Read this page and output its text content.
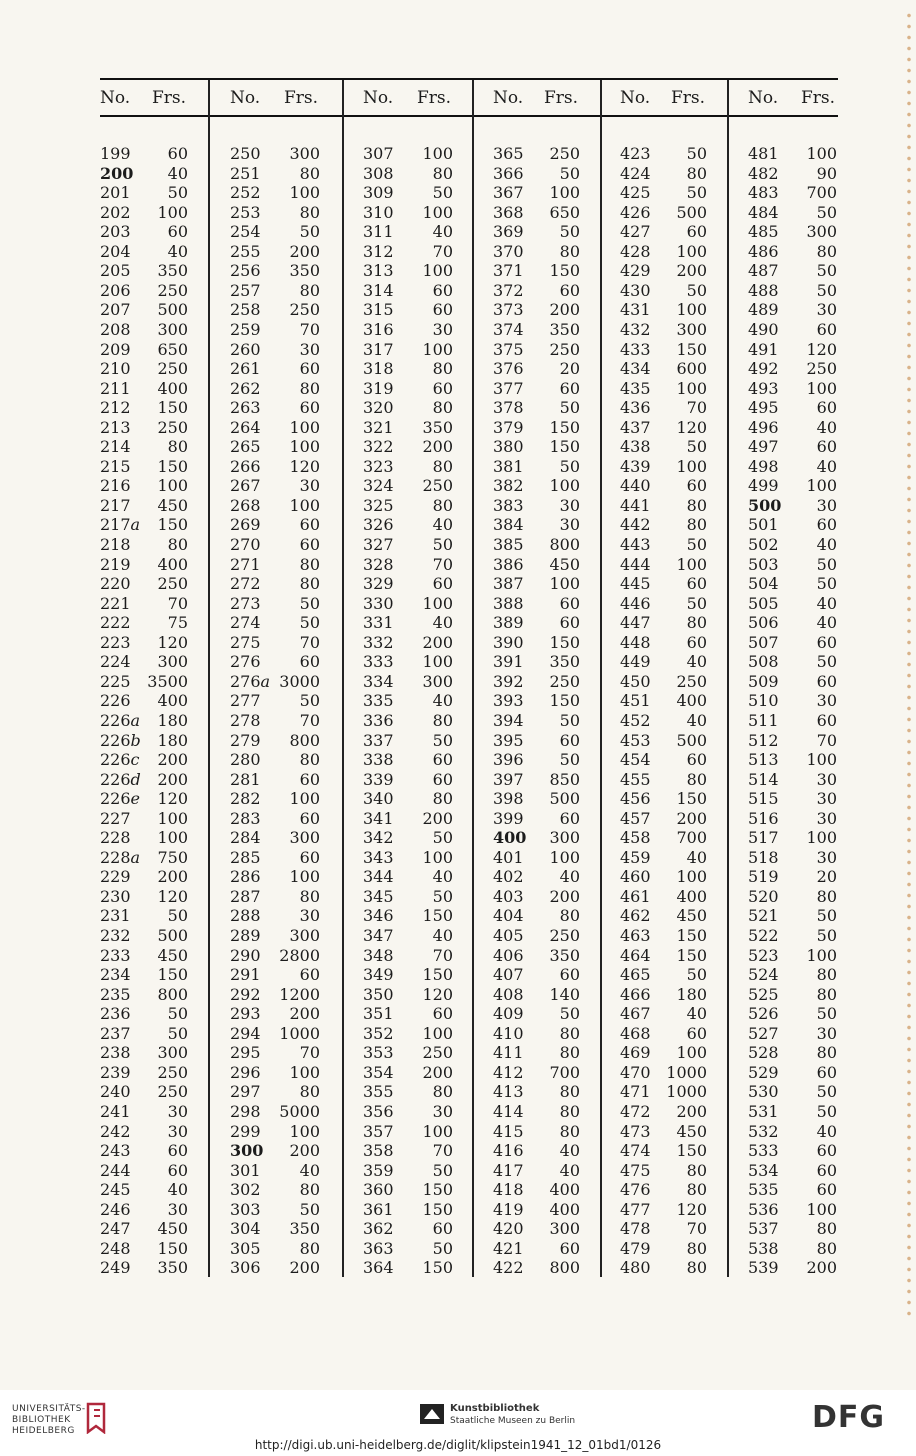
No. Frs.
199	60
200	40
201	50
202	100
203	60
204	40
205	350
206	250
207	500
208	300
209	650
210	250
211	400
212	150
213	250
214	80
215	150
216	100
217	450
217a	150
218	80
219	400
220	250
221	70
222	75
223	120
224	300
225	3500
226	400
226a	180
226b	180
226c	200
226d	200
226e	120
227	100
228	100
228a	750
229	200
230	120
231	50
232	500
233	450
234	150
235	800
236	50
237	50
238	300
239	250
240	250
241	30
242	30
243	60
244	60
245	40
246	30
247	450
248	150
249	350
No. Frs.
250	300
251	80
252	100
253	80
254	50
255	200
256	350
257	80
258	250
259	70
260	30
261	60
262	80
263	60
264	100
265	100
266	120
267	30
268	100
269	60
270	60
271	80
272	80
273	50
274	50
275	70
276	60
276a 3000
277	50
278	70
279	800
280	80
281	60
282	100
283	60
284	300
285	60
286	100
287	80
288	30
289	300
290	2800
291	60
292	1200
293	200
294	1000
295	70
296	100
297	80
298	5000
299	100
300	200
301	40
302	80
303	50
304	350
305	80
306	200
No. Frs.
307	100
308	80
309	50
310	100
311	40
312	70
313	100
314	60
315	60
316	30
317	100
318	80
319	60
320	80
321	350
322	200
323	80
324	250
325	80
326	40
327	50
328	70
329	60
330	100
331	40
332	200
333	100
334	300
335	40
336	80
337	50
338	60
339	60
340	80
341	200
342	50
343	100
344	40
345	50
346	150
347	40
348	70
349	150
350	120
351	60
352	100
353	250
354	200
355	80
356	30
357	100
358	70
359	50
360	150
361	150
362	60
363	50
364	150
No. Frs.
365	250
366	50
367	100
368	650
369	50
370	80
371	150
372	60
373	200
374	350
375	250
376	20
377	60
378	50
379	150
380	150
381	50
382	100
383	30
384	30
385	800
386	450
387	100
388	60
389	60
390	150
391	350
392	250
393	150
394	50
395	60
396	50
397	850
398	500
399	60
400	300
401	100
402	40
403	200
404	80
405	250
406	350
407	60
408	140
409	50
410	80
411	80
412	700
413	80
414	80
415	80
416	40
417	40
418	400
419	400
420	300
421	60
422	800
No. Frs.
423	50
424	80
425	50
426	500
427	60
428	100
429	200
430	50
431	100
432	300
433	150
434	600
435	100
436	70
437	120
438	50
439	100
440	60
441	80
442	80
443	50
444	100
445	60
446	50
447	80
448	60
449	40
450	250
451	400
452	40
453	500
454	60
455	80
456	150
457	200
458	700
459	40
460	100
461	400
462	450
463	150
464	150
465	50
466	180
467	40
468	60
469	100
470 1000
471 1000
472	200
473	450
474	150
475	80
476	80
477	120
478	70
479	80
480	80
No. Frs.
481	100
482	90
483	700
484	50
485	300
486	80
487	50
488	50
489	30
490	60
491	120
492	250
493	100
495	60
496	40
497	60
498	40
499	100
500	30
501	60
502	40
503	50
504	50
505	40
506	40
507	60
508	50
509	60
510	30
511	60
512	70
513	100
514	30
515	30
516	30
517	100
518	30
519	20
520	80
521	50
522	50
523	100
524	80
525	80
526	50
527	30
528	80
529	60
530	50
531	50
532	40
533	60
534	60
535	60
536	100
537	80
538	80
539	200
UNIVERSITÄTS-
BIBLIOTHEK
HEIDELBERG
Kunstbibliothek
Staatliche Museen zu Berlin	DFG
http://digi.ub.uni-heidelberg.de/diglit/klipstein1941_12_01bd1/0126
